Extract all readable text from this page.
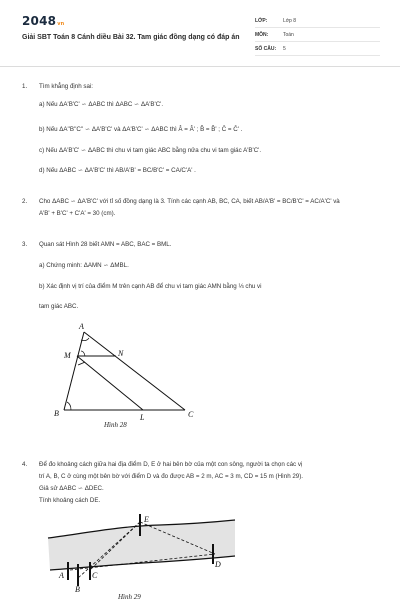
2048vn
Giải SBT Toán 8 Cánh diều Bài 32. Tam giác đồng dạng có đáp án
LỚP:	Lớp 8
MÔN:	Toán
SỐ CÂU:	5
1.	Tìm khẳng định sai:
a) Nếu ΔA'B'C' ∽ ΔABC thì ΔABC ∽ ΔA'B'C'.
b) Nếu ΔA''B''C'' ∽ ΔA'B'C' và ΔA'B'C' ∽ ΔABC thì Â = Â' ; B̂ = B̂' ; Ĉ = Ĉ' .
c) Nếu ΔA'B'C' ∽ ΔABC thì chu vi tam giác ABC bằng nửa chu vi tam giác A'B'C'.
d) Nếu ΔABC ∽ ΔA'B'C' thì AB/A'B' = BC/B'C' = CA/C'A' .
2.	Cho ΔABC ∽ ΔA'B'C' với tỉ số đồng dạng là 3. Tính các cạnh AB, BC, CA, biết AB/A'B' = BC/B'C' = AC/A'C' và
A'B' + B'C' + C'A' = 30 (cm).
3.	Quan sát Hình 28 biết AMN = ABC, BAC = BML.
a) Chứng minh: ΔAMN ∽ ΔMBL.
b) Xác định vị trí của điểm M trên cạnh AB để chu vi tam giác AMN bằng ⅓ chu vi
tam giác ABC.
A
M	N
B	L	C
Hình 28
4.	Để đo khoảng cách giữa hai địa điểm D, E ở hai bên bờ của một con sông, người ta chọn các vị
trí A, B, C ở cùng một bên bờ với điểm D và đo được AB = 2 m, AC = 3 m, CD = 15 m (Hình 29).
Giả sử ΔABC ∽ ΔDEC.
Tính khoảng cách DE.
E
D
A
B
C
Hình 29
